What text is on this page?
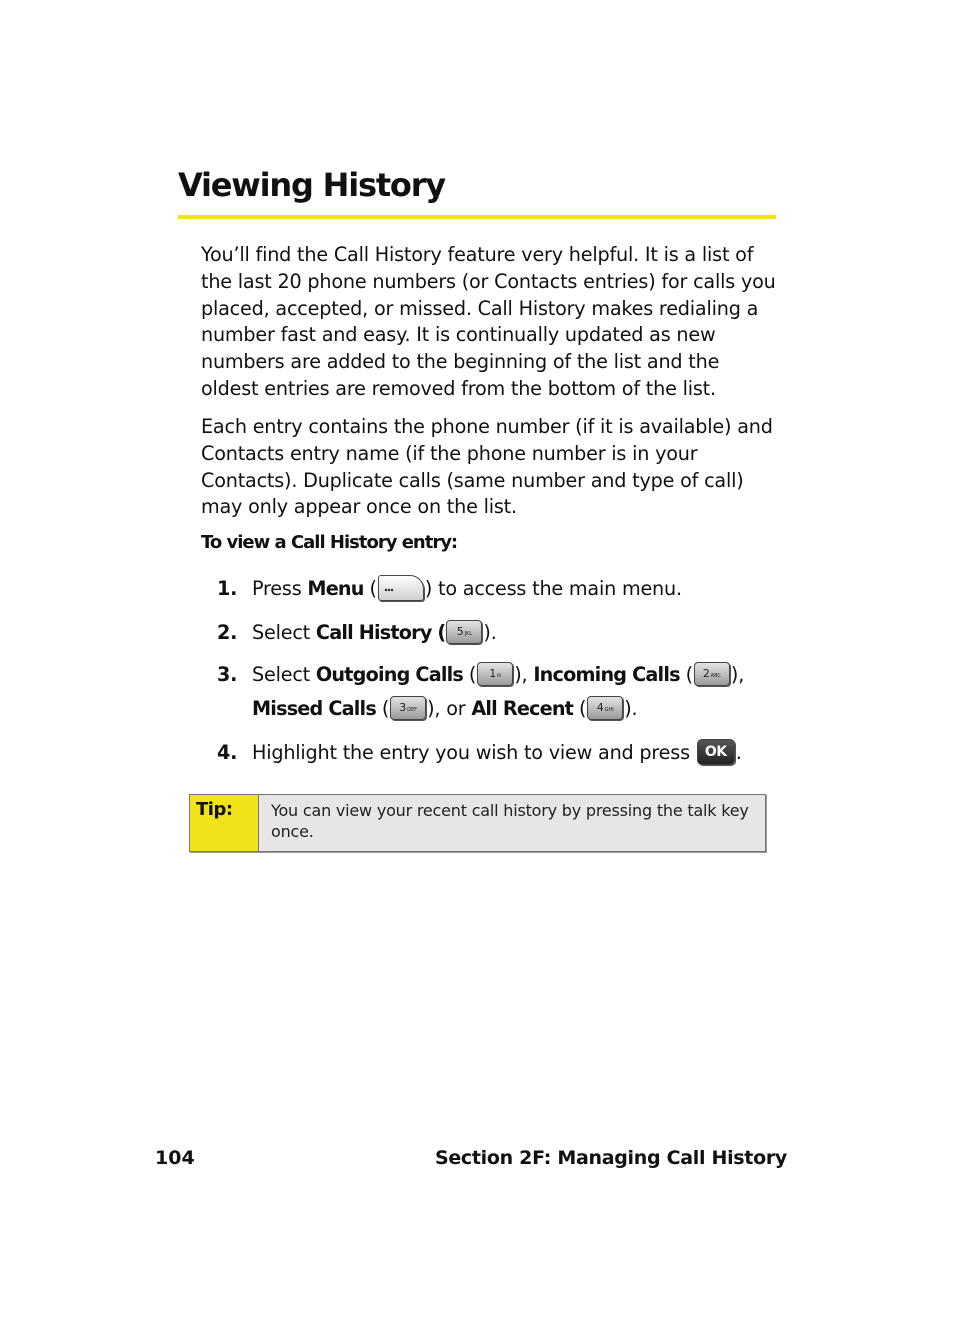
Viewing History

You’ll find the Call History feature very helpful. It is a list of the last 20 phone numbers (or Contacts entries) for calls you placed, accepted, or missed. Call History makes redialing a number fast and easy. It is continually updated as new numbers are added to the beginning of the list and the oldest entries are removed from the bottom of the list.

Each entry contains the phone number (if it is available) and Contacts entry name (if the phone number is in your Contacts). Duplicate calls (same number and type of call) may only appear once on the list.

To view a Call History entry:
1. Press Menu (	) to access the main menu.
2. Select Call History ( 5JKL ).
3. Select Outgoing Calls ( 1✉ ), Incoming Calls ( 2ABC ),
Missed Calls ( 3DEF ), or All Recent ( 4GHI ).
4. Highlight the entry you wish to view and press OK .
Tip:	You can view your recent call history by pressing the talk key once.
104	Section 2F: Managing Call History
